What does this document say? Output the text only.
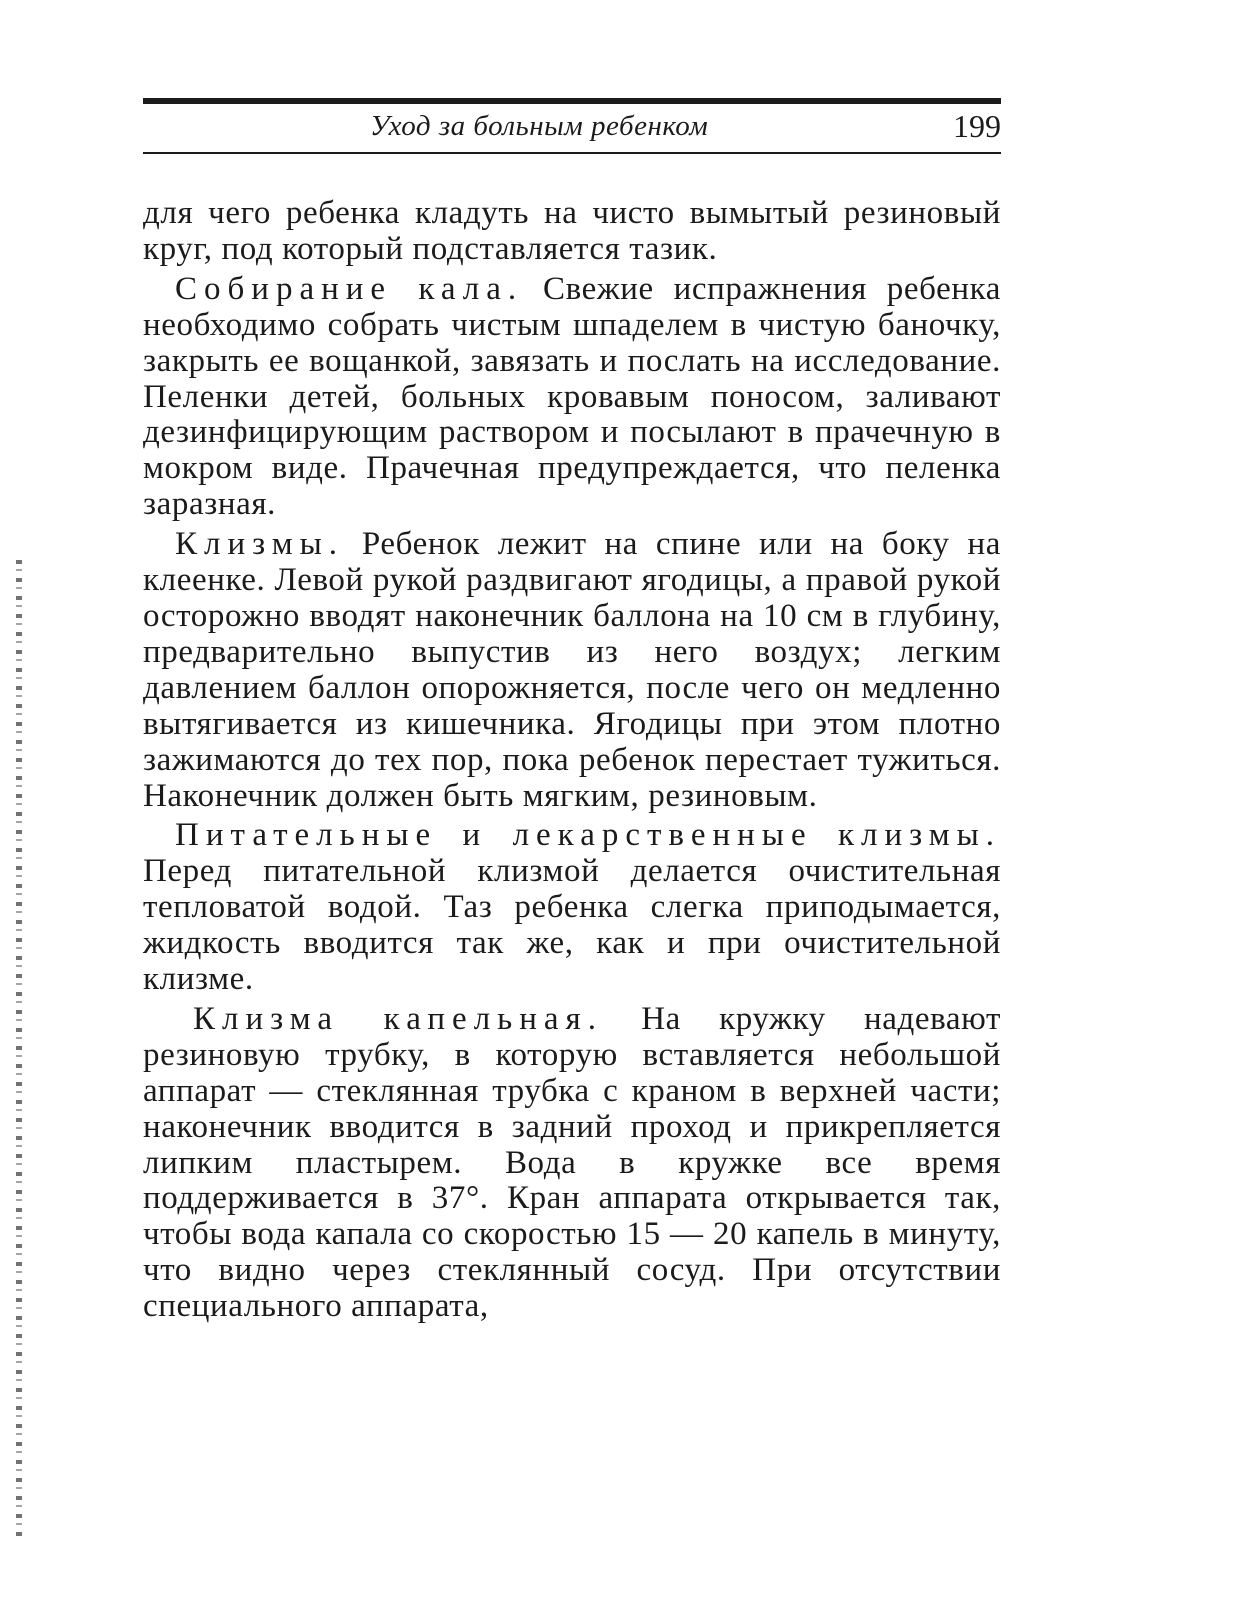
Уход за больным ребенком	199

для чего ребенка кладуть на чисто вымытый резиновый круг, под который подставляется тазик.

Собирание кала. Свежие испражнения ребенка необходимо собрать чистым шпаделем в чистую баночку, закрыть ее вощанкой, завязать и послать на исследование. Пеленки детей, больных кровавым поносом, заливают дезинфицирующим раствором и посылают в прачечную в мокром виде. Прачечная предупреждается, что пеленка заразная.

Клизмы. Ребенок лежит на спине или на боку на клеенке. Левой рукой раздвигают ягодицы, а правой рукой осторожно вводят наконечник баллона на 10 см в глубину, предварительно выпустив из него воздух; легким давлением баллон опорожняется, после чего он медленно вытягивается из кишечника. Ягодицы при этом плотно зажимаются до тех пор, пока ребенок перестает тужиться. Наконечник должен быть мягким, резиновым.

Питательные и лекарственные клизмы. Перед питательной клизмой делается очистительная тепловатой водой. Таз ребенка слегка приподымается, жидкость вводится так же, как и при очистительной клизме.

Клизма капельная. На кружку надевают резиновую трубку, в которую вставляется небольшой аппарат — стеклянная трубка с краном в верхней части; наконечник вводится в задний проход и прикрепляется липким пластырем. Вода в кружке все время поддерживается в 37°. Кран аппарата открывается так, чтобы вода капала со скоростью 15 — 20 капель в минуту, что видно через стеклянный сосуд. При отсутствии специального аппарата,
